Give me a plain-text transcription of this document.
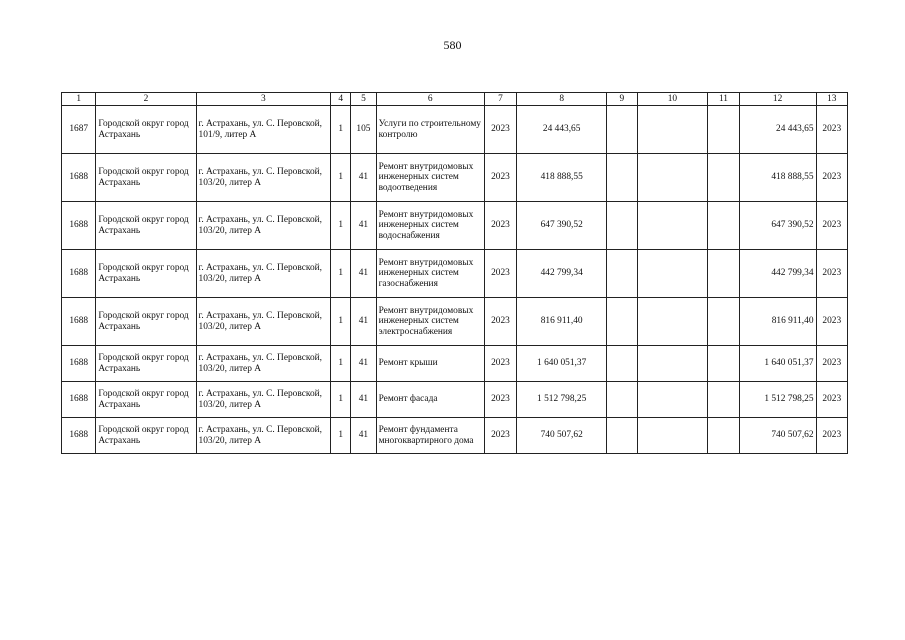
580
1	2	3	4	5	6	7	8	9	10	11	12	13
1687	Городской округ город Астрахань	г. Астрахань, ул. С. Перовской, 101/9, литер А	1	105	Услуги по строительному контролю	2023	24 443,65				24 443,65	2023
1688	Городской округ город Астрахань	г. Астрахань, ул. С. Перовской, 103/20, литер А	1	41	Ремонт внутридомовых инженерных систем водоотведения	2023	418 888,55				418 888,55	2023
1688	Городской округ город Астрахань	г. Астрахань, ул. С. Перовской, 103/20, литер А	1	41	Ремонт внутридомовых инженерных систем водоснабжения	2023	647 390,52				647 390,52	2023
1688	Городской округ город Астрахань	г. Астрахань, ул. С. Перовской, 103/20, литер А	1	41	Ремонт внутридомовых инженерных систем газоснабжения	2023	442 799,34				442 799,34	2023
1688	Городской округ город Астрахань	г. Астрахань, ул. С. Перовской, 103/20, литер А	1	41	Ремонт внутридомовых инженерных систем электроснабжения	2023	816 911,40				816 911,40	2023
1688	Городской округ город Астрахань	г. Астрахань, ул. С. Перовской, 103/20, литер А	1	41	Ремонт крыши	2023	1 640 051,37				1 640 051,37	2023
1688	Городской округ город Астрахань	г. Астрахань, ул. С. Перовской, 103/20, литер А	1	41	Ремонт фасада	2023	1 512 798,25				1 512 798,25	2023
1688	Городской округ город Астрахань	г. Астрахань, ул. С. Перовской, 103/20, литер А	1	41	Ремонт фундамента многоквартирного дома	2023	740 507,62				740 507,62	2023
